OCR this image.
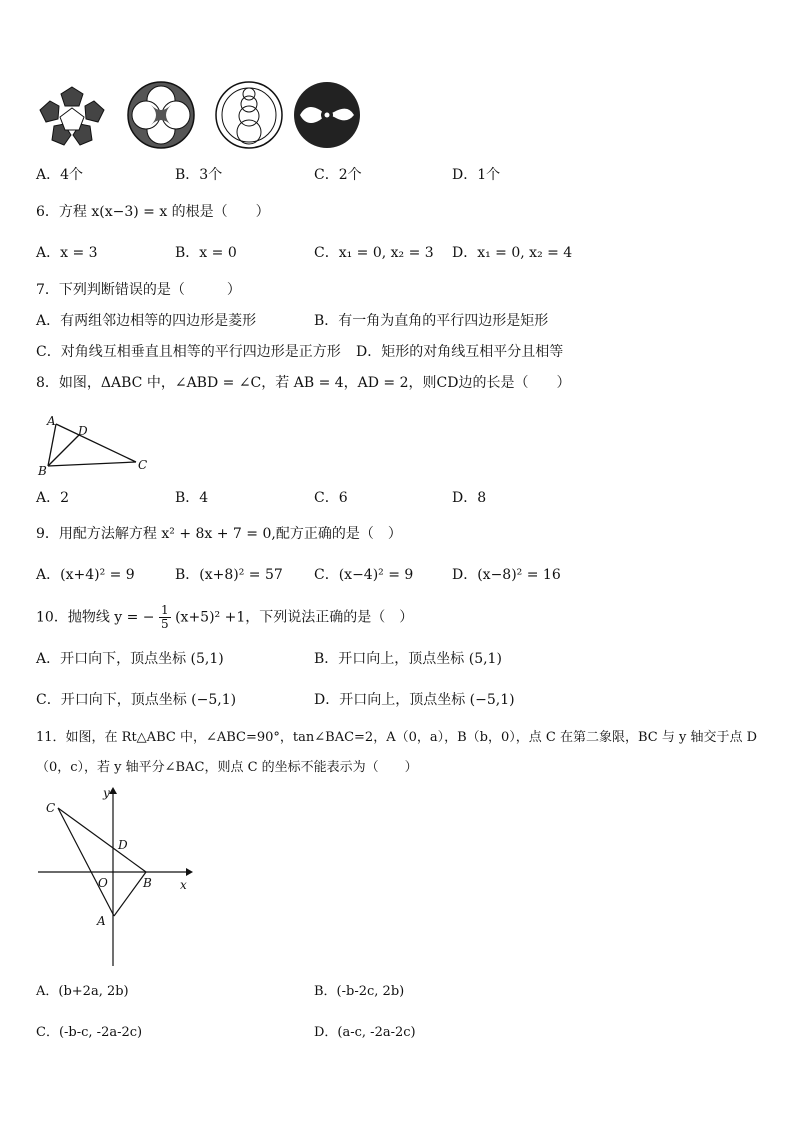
A．4个	B．3个	C．2个	D．1个
6．方程 x(x−3) = x 的根是（　　）
A．x = 3	B．x = 0	C．x₁ = 0, x₂ = 3 D．x₁ = 0, x₂ = 4
7．下列判断错误的是（　　　）
A．有两组邻边相等的四边形是菱形	B．有一角为直角的平行四边形是矩形
C．对角线互相垂直且相等的平行四边形是正方形 D．矩形的对角线互相平分且相等
8．如图，ΔABC 中，∠ABD = ∠C，若 AB = 4，AD = 2，则CD边的长是（　　）
A
D
B	C
A．2	B．4	C．6	D．8
9．用配方法解方程 x² + 8x + 7 = 0,配方正确的是（　）
A．(x+4)² = 9	B．(x+8)² = 57 C．(x−4)² = 9	D．(x−8)² = 16
10．抛物线 y = − $\frac{1}{5} (x+5)^2 +1$，下列说法正确的是（　）
A．开口向下，顶点坐标 (5,1)	B．开口向上，顶点坐标 (5,1)
C．开口向下，顶点坐标 (−5,1)	D．开口向上，顶点坐标 (−5,1)
11．如图，在 Rt△ABC 中，∠ABC=90°，tan∠BAC=2，A（0，a），B（b，0），点 C 在第二象限，BC 与 y 轴交于点 D
（0，c），若 y 轴平分∠BAC，则点 C 的坐标不能表示为（　　）
y
C
D
O	B x
A
A．(b+2a, 2b)	B．(-b-2c, 2b)
C．(-b-c, -2a-2c)	D．(a-c, -2a-2c)
